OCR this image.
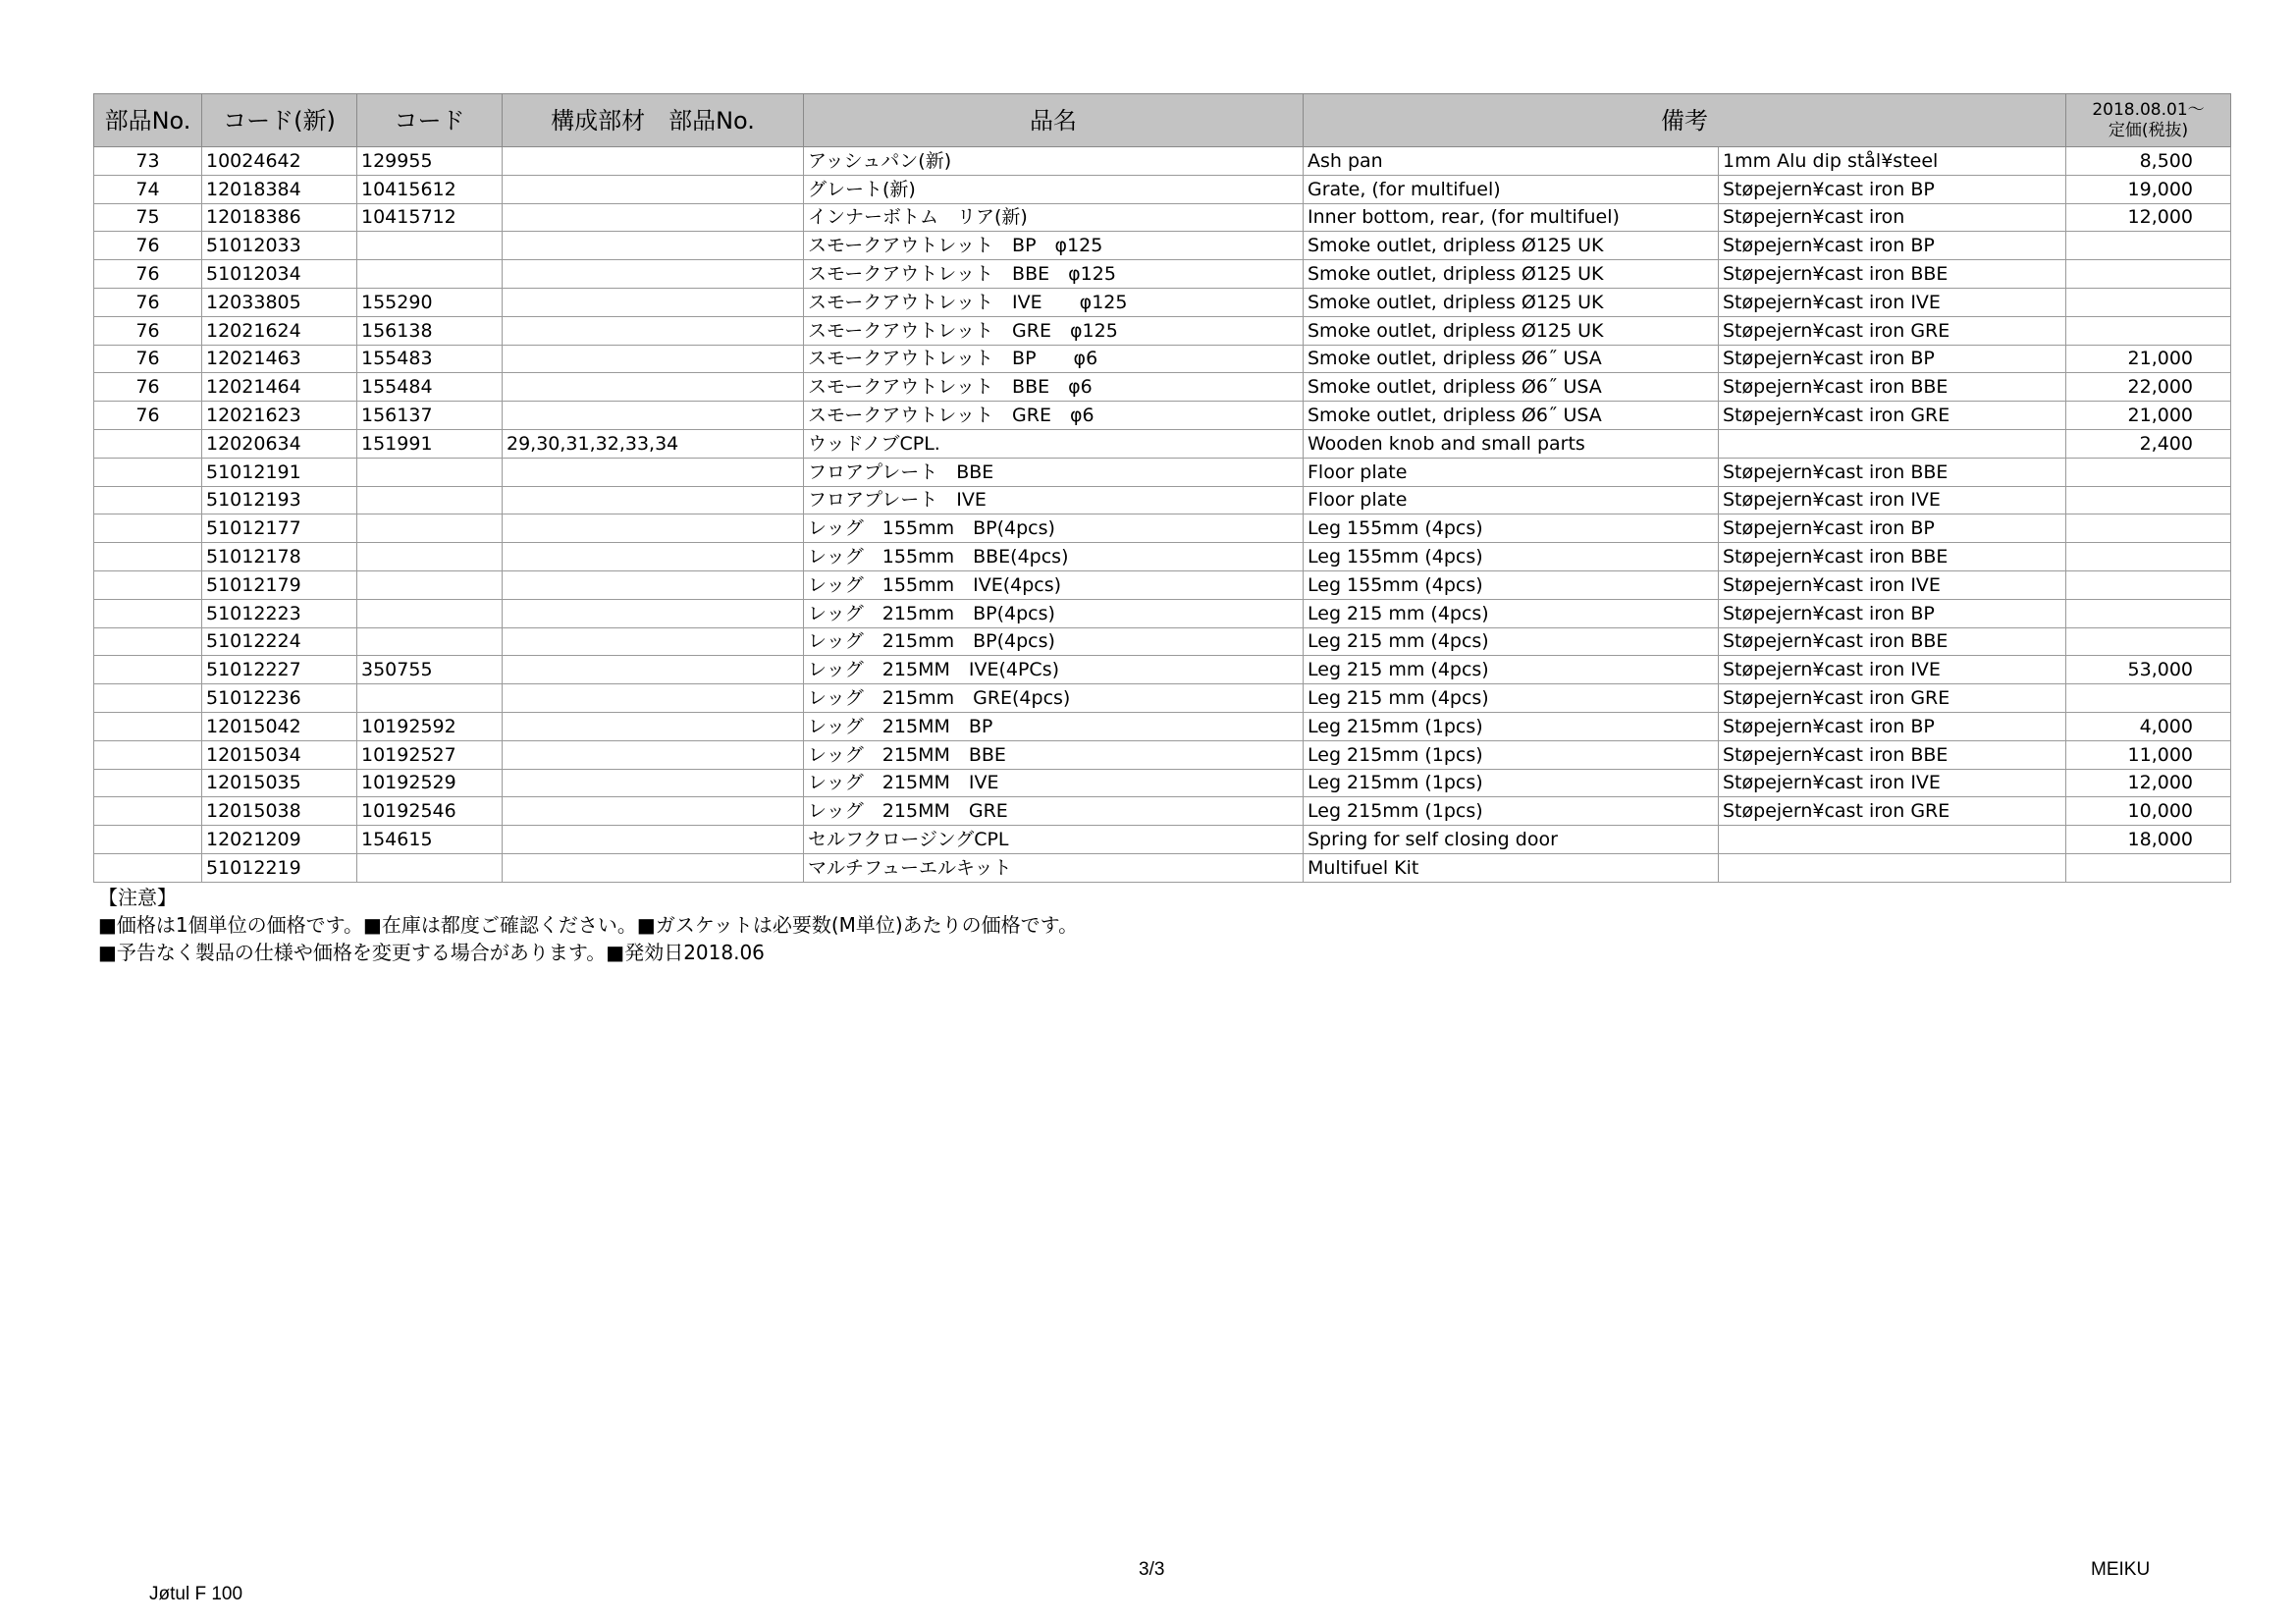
部品No.	コード(新)	コード	構成部材　部品No.	品名	備考		2018.08.01～
定価(税抜)
73	10024642	129955		アッシュパン(新)	Ash pan	1mm Alu dip stål¥steel	8,500
74	12018384	10415612		グレート(新)	Grate, (for multifuel)	Støpejern¥cast iron BP	19,000
75	12018386	10415712		インナーボトム　リア(新)	Inner bottom, rear, (for multifuel)	Støpejern¥cast iron	12,000
76	51012033			スモークアウトレット　BP　φ125	Smoke outlet, dripless Ø125 UK	Støpejern¥cast iron BP	
76	51012034			スモークアウトレット　BBE　φ125	Smoke outlet, dripless Ø125 UK	Støpejern¥cast iron BBE	
76	12033805	155290		スモークアウトレット　IVE　　φ125	Smoke outlet, dripless Ø125 UK	Støpejern¥cast iron IVE	
76	12021624	156138		スモークアウトレット　GRE　φ125	Smoke outlet, dripless Ø125 UK	Støpejern¥cast iron GRE	
76	12021463	155483		スモークアウトレット　BP　　φ6	Smoke outlet, dripless Ø6˝ USA	Støpejern¥cast iron BP	21,000
76	12021464	155484		スモークアウトレット　BBE　φ6	Smoke outlet, dripless Ø6˝ USA	Støpejern¥cast iron BBE	22,000
76	12021623	156137		スモークアウトレット　GRE　φ6	Smoke outlet, dripless Ø6˝ USA	Støpejern¥cast iron GRE	21,000
	12020634	151991	29,30,31,32,33,34	ウッドノブCPL.	Wooden knob and small parts		2,400
	51012191			フロアプレート　BBE	Floor plate	Støpejern¥cast iron BBE	
	51012193			フロアプレート　IVE	Floor plate	Støpejern¥cast iron IVE	
	51012177			レッグ　155mm　BP(4pcs)	Leg 155mm (4pcs)	Støpejern¥cast iron BP	
	51012178			レッグ　155mm　BBE(4pcs)	Leg 155mm (4pcs)	Støpejern¥cast iron BBE	
	51012179			レッグ　155mm　IVE(4pcs)	Leg 155mm (4pcs)	Støpejern¥cast iron IVE	
	51012223			レッグ　215mm　BP(4pcs)	Leg 215 mm (4pcs)	Støpejern¥cast iron BP	
	51012224			レッグ　215mm　BP(4pcs)	Leg 215 mm (4pcs)	Støpejern¥cast iron BBE	
	51012227	350755		レッグ　215MM　IVE(4PCs)	Leg 215 mm (4pcs)	Støpejern¥cast iron IVE	53,000
	51012236			レッグ　215mm　GRE(4pcs)	Leg 215 mm (4pcs)	Støpejern¥cast iron GRE	
	12015042	10192592		レッグ　215MM　BP	Leg 215mm (1pcs)	Støpejern¥cast iron BP	4,000
	12015034	10192527		レッグ　215MM　BBE	Leg 215mm (1pcs)	Støpejern¥cast iron BBE	11,000
	12015035	10192529		レッグ　215MM　IVE	Leg 215mm (1pcs)	Støpejern¥cast iron IVE	12,000
	12015038	10192546		レッグ　215MM　GRE	Leg 215mm (1pcs)	Støpejern¥cast iron GRE	10,000
	12021209	154615		セルフクロージングCPL	Spring for self closing door		18,000
	51012219			マルチフューエルキット	Multifuel Kit		
【注意】
■価格は1個単位の価格です。■在庫は都度ご確認ください。■ガスケットは必要数(M単位)あたりの価格です。
■予告なく製品の仕様や価格を変更する場合があります。■発効日2018.06
3/3	MEIKU
Jøtul F 100
